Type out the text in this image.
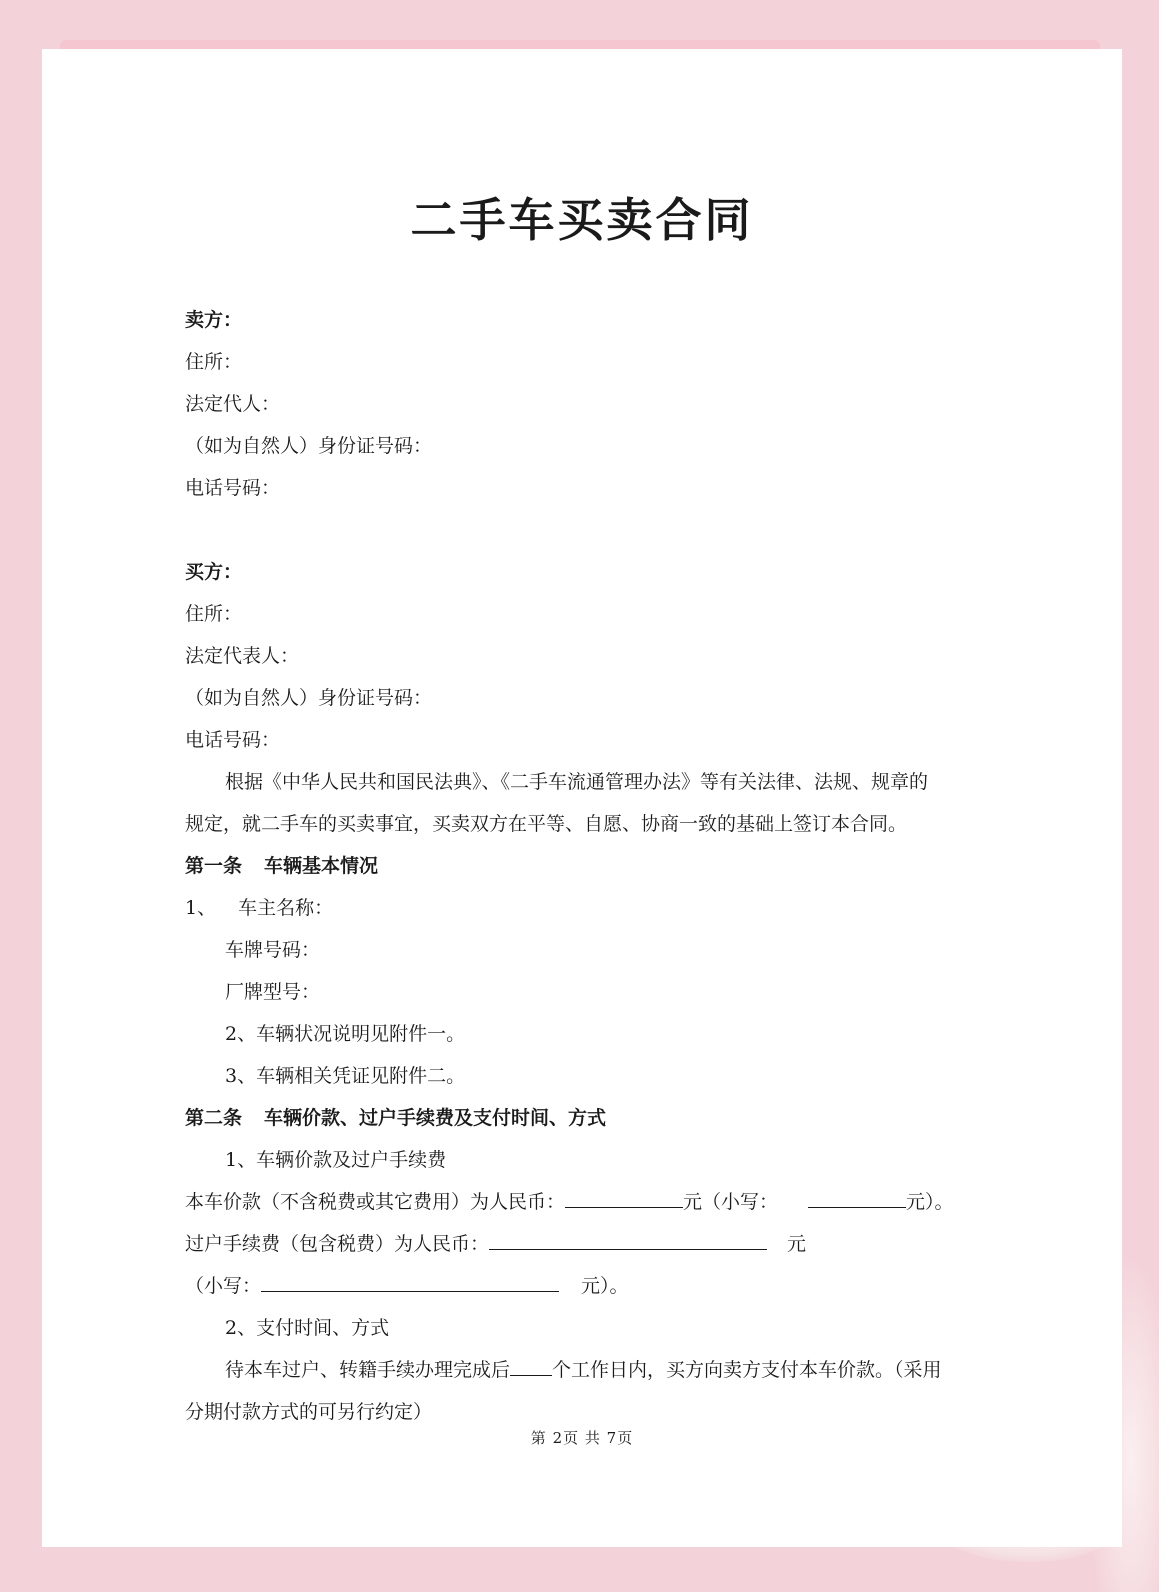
二手车买卖合同
卖方：
住所：
法定代人：
（如为自然人）身份证号码：
电话号码：
买方：
住所：
法定代表人：
（如为自然人）身份证号码：
电话号码：
根据《中华人民共和国民法典》、《二手车流通管理办法》等有关法律、法规、规章的
规定，就二手车的买卖事宜，买卖双方在平等、自愿、协商一致的基础上签订本合同。
第一条 车辆基本情况
1、 车主名称：
车牌号码：
厂牌型号：
2、车辆状况说明见附件一。
3、车辆相关凭证见附件二。
第二条 车辆价款、过户手续费及支付时间、方式
1、车辆价款及过户手续费
本车价款（不含税费或其它费用）为人民币：	元（小写：	元）。
过户手续费（包含税费）为人民币：	元
（小写：	元）。
2、支付时间、方式
待本车过户、转籍手续办理完成后 个工作日内，买方向卖方支付本车价款。（采用
分期付款方式的可另行约定）
第 2页 共 7页
